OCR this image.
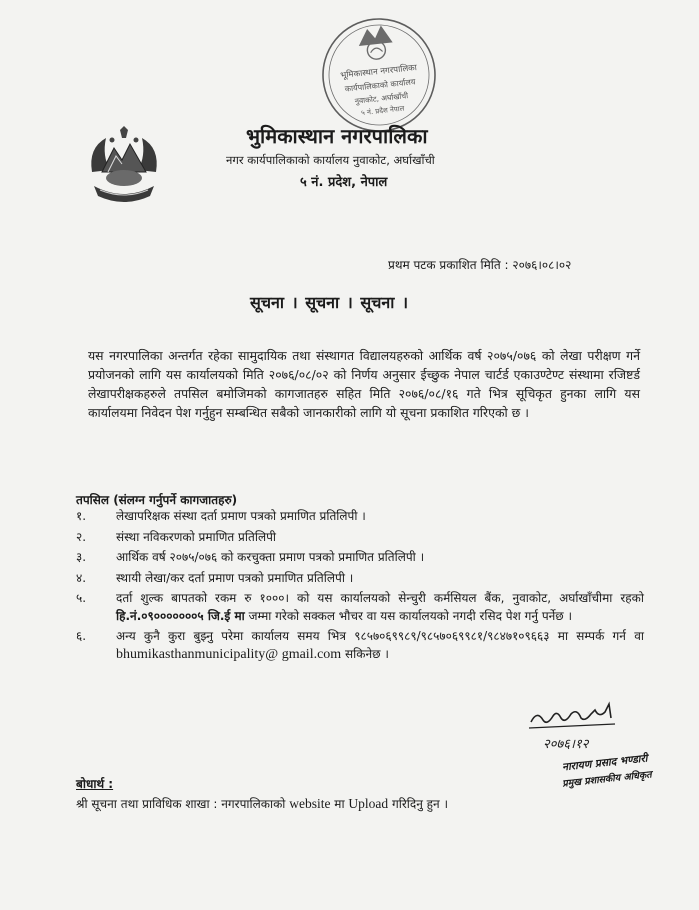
भूमिकास्थान नगरपालिका
कार्यपालिकाको कार्यालय
नुवाकोट, अर्घाखाँची
५ नं. प्रदेश नेपाल
भुमिकास्थान नगरपालिका
नगर कार्यपालिकाको कार्यालय नुवाकोट, अर्घाखाँची
५ नं. प्रदेश, नेपाल
प्रथम पटक प्रकाशित मिति : २०७६।०८।०२
सूचना । सूचना । सूचना ।
यस नगरपालिका अन्तर्गत रहेका सामुदायिक तथा संस्थागत विद्यालयहरुको आर्थिक वर्ष २०७५/०७६ को लेखा परीक्षण गर्ने प्रयोजनको लागि यस कार्यालयको मिति २०७६/०८/०२ को निर्णय अनुसार ईच्छुक नेपाल चार्टर्ड एकाउण्टेण्ट संस्थामा रजिष्टर्ड लेखापरीक्षकहरुले तपसिल बमोजिमको कागजातहरु सहित मिति २०७६/०८/१६ गते भित्र सूचिकृत हुनका लागि यस कार्यालयमा निवेदन पेश गर्नुहुन सम्बन्धित सबैको जानकारीको लागि यो सूचना प्रकाशित गरिएको छ ।
तपसिल (संलग्न गर्नुपर्ने कागजातहरु)
१.	लेखापरिक्षक संस्था दर्ता प्रमाण पत्रको प्रमाणित प्रतिलिपी ।
२.	संस्था नविकरणको प्रमाणित प्रतिलिपी
३.	आर्थिक वर्ष २०७५/०७६ को करचुक्ता प्रमाण पत्रको प्रमाणित प्रतिलिपी ।
४.	स्थायी लेखा/कर दर्ता प्रमाण पत्रको प्रमाणित प्रतिलिपी ।
५.	दर्ता शुल्क बापतको रकम रु १०००। को यस कार्यालयको सेन्चुरी कर्मसियल बैंक, नुवाकोट, अर्घाखाँचीमा रहको हि.नं.०९०००००००५ जि.ई मा जम्मा गरेको सक्कल भौचर वा यस कार्यालयको नगदी रसिद पेश गर्नु पर्नेछ ।
६.	अन्य कुनै कुरा बुझ्नु परेमा कार्यालय समय भित्र ९८५७०६९९८९/९८५७०६९९८१/९८४७१०९६६३ मा सम्पर्क गर्न वा bhumikasthanmunicipality@ gmail.com सकिनेछ ।
२०७६।१२
नारायण प्रसाद भण्डारी
प्रमुख प्रशासकीय अधिकृत
बोधार्थ :
श्री सूचना तथा प्राविधिक शाखा : नगरपालिकाको website मा Upload गरिदिनु हुन ।
